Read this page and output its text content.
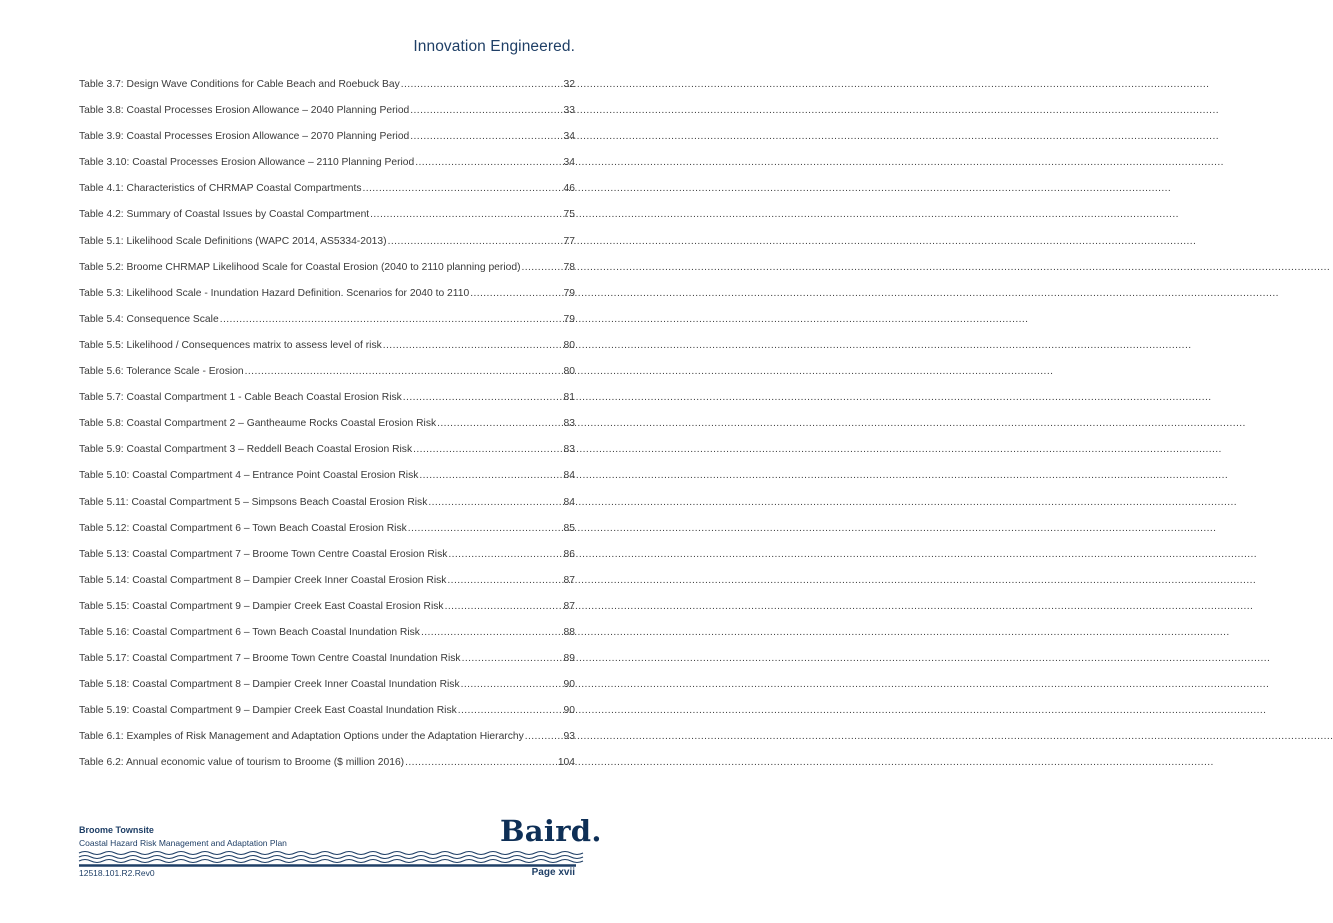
Innovation Engineered.
Table 3.7: Design Wave Conditions for Cable Beach and Roebuck Bay .....	32
Table 3.8: Coastal Processes Erosion Allowance – 2040 Planning Period .....	33
Table 3.9: Coastal Processes Erosion Allowance – 2070 Planning Period .....	34
Table 3.10: Coastal Processes Erosion Allowance – 2110 Planning Period .....	34
Table 4.1: Characteristics of CHRMAP Coastal Compartments .....	46
Table 4.2: Summary of Coastal Issues by Coastal Compartment .....	75
Table 5.1: Likelihood Scale Definitions (WAPC 2014, AS5334-2013) .....	77
Table 5.2: Broome CHRMAP Likelihood Scale for Coastal Erosion (2040 to 2110 planning period) .....	78
Table 5.3: Likelihood Scale - Inundation Hazard Definition. Scenarios for 2040 to 2110 .....	79
Table 5.4: Consequence Scale .....	79
Table 5.5: Likelihood / Consequences matrix to assess level of risk .....	80
Table 5.6: Tolerance Scale - Erosion .....	80
Table 5.7: Coastal Compartment 1 - Cable Beach Coastal Erosion Risk .....	81
Table 5.8: Coastal Compartment 2 – Gantheaume Rocks Coastal Erosion Risk .....	83
Table 5.9: Coastal Compartment 3 – Reddell Beach Coastal Erosion Risk .....	83
Table 5.10: Coastal Compartment 4 – Entrance Point Coastal Erosion Risk .....	84
Table 5.11: Coastal Compartment 5 – Simpsons Beach Coastal Erosion Risk .....	84
Table 5.12: Coastal Compartment 6 – Town Beach Coastal Erosion Risk .....	85
Table 5.13: Coastal Compartment 7 – Broome Town Centre Coastal Erosion Risk .....	86
Table 5.14: Coastal Compartment 8 – Dampier Creek Inner Coastal Erosion Risk .....	87
Table 5.15: Coastal Compartment 9 – Dampier Creek East Coastal Erosion Risk .....	87
Table 5.16: Coastal Compartment 6 – Town Beach Coastal Inundation Risk .....	88
Table 5.17: Coastal Compartment 7 – Broome Town Centre Coastal Inundation Risk .....	89
Table 5.18: Coastal Compartment 8 – Dampier Creek Inner Coastal Inundation Risk .....	90
Table 5.19: Coastal Compartment 9 – Dampier Creek East Coastal Inundation Risk .....	90
Table 6.1: Examples of Risk Management and Adaptation Options under the Adaptation Hierarchy .....	93
Table 6.2: Annual economic value of tourism to Broome ($ million 2016) .....	104
Broome Townsite
Coastal Hazard Risk Management and Adaptation Plan	Baird.
12518.101.R2.Rev0	Page xvii
